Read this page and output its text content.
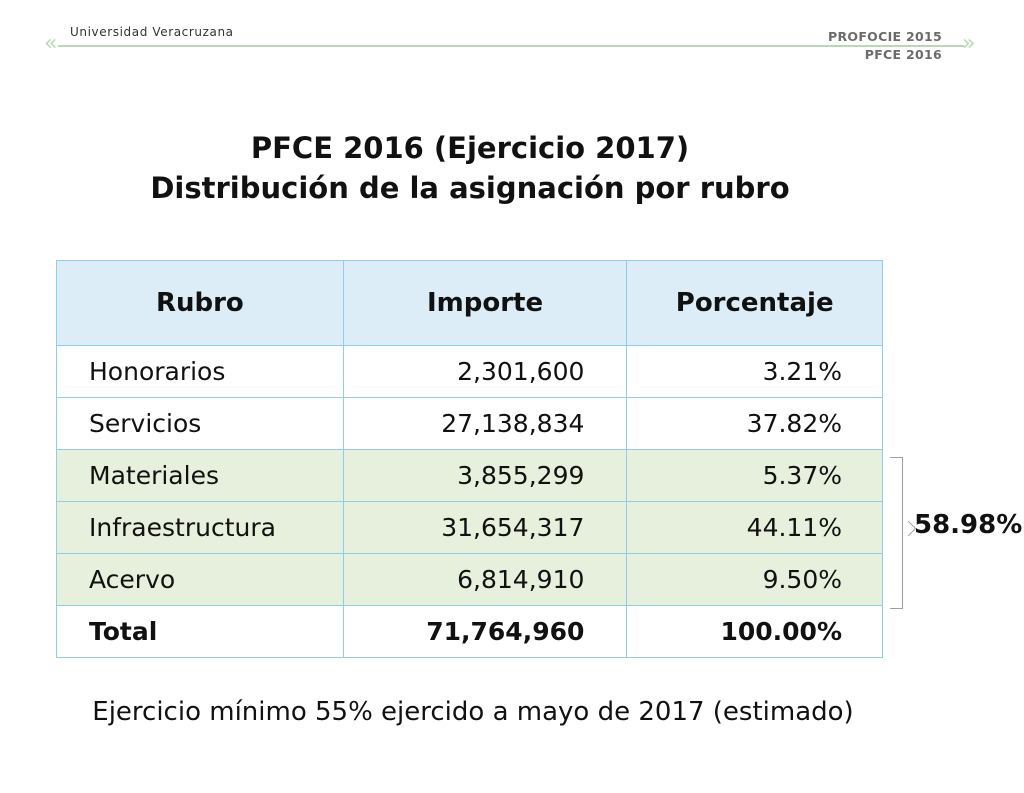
«	»
Universidad Veracruzana	PROFOCIE 2015
PFCE 2016
PFCE 2016 (Ejercicio 2017)
Distribución de la asignación por rubro
Rubro	Importe	Porcentaje
Honorarios	2,301,600	3.21%
Servicios	27,138,834	37.82%
Materiales	3,855,299	5.37%
Infraestructura	31,654,317	44.11%
Acervo	6,814,910	9.50%
Total	71,764,960	100.00%
58.98%
Ejercicio mínimo 55% ejercido a mayo de 2017 (estimado)
